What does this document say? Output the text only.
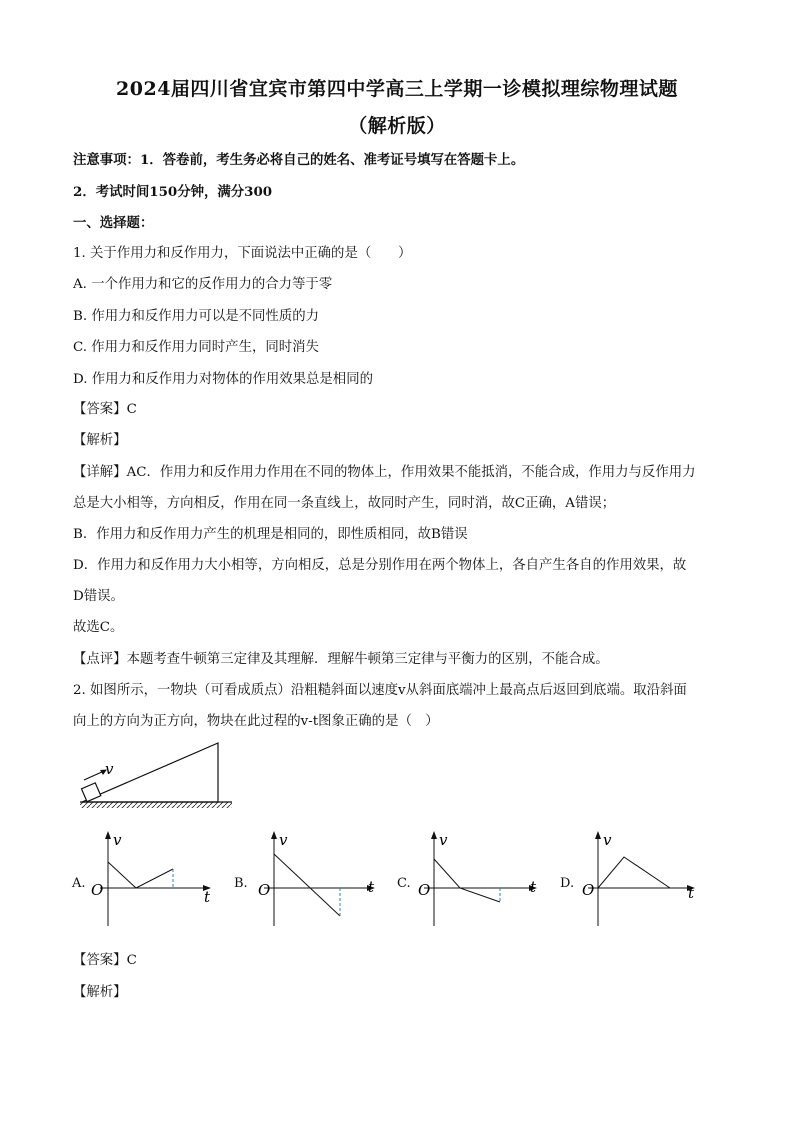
2024届四川省宜宾市第四中学高三上学期一诊模拟理综物理试题
（解析版）
注意事项：1．答卷前，考生务必将自己的姓名、准考证号填写在答题卡上。
2．考试时间150分钟，满分300
一、选择题：
1. 关于作用力和反作用力，下面说法中正确的是（　　）
A. 一个作用力和它的反作用力的合力等于零
B. 作用力和反作用力可以是不同性质的力
C. 作用力和反作用力同时产生，同时消失
D. 作用力和反作用力对物体的作用效果总是相同的
【答案】C
【解析】
【详解】AC．作用力和反作用力作用在不同的物体上，作用效果不能抵消，不能合成，作用力与反作用力
总是大小相等，方向相反，作用在同一条直线上，故同时产生，同时消，故C正确，A错误；
B．作用力和反作用力产生的机理是相同的，即性质相同，故B错误
D．作用力和反作用力大小相等，方向相反，总是分别作用在两个物体上，各自产生各自的作用效果，故
D错误。
故选C。
【点评】本题考查牛顿第三定律及其理解．理解牛顿第三定律与平衡力的区别，不能合成。
2. 如图所示，一物块（可看成质点）沿粗糙斜面以速度v从斜面底端冲上最高点后返回到底端。取沿斜面
向上的方向为正方向，物块在此过程的v-t图象正确的是（　）
v
A.
v
t
O	B.
v
t
O	C.
v
t
O	D.
v
t
O
【答案】C
【解析】
